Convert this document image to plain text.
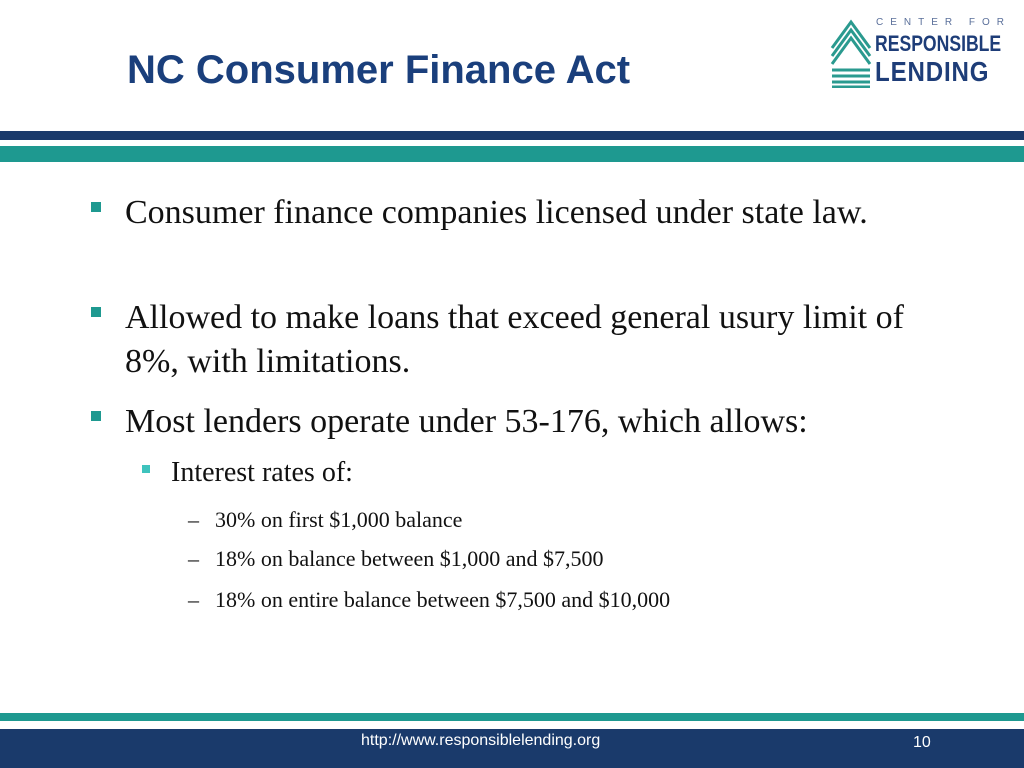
NC Consumer Finance Act
CENTER FOR
RESPONSIBLE
LENDING
Consumer finance companies licensed under state law.
Allowed to make loans that exceed general usury limit of 8%, with limitations.
Most lenders operate under 53-176, which allows:
Interest rates of:
– 30% on first $1,000 balance
– 18% on balance between $1,000 and $7,500
– 18% on entire balance between $7,500 and $10,000
http://www.responsiblelending.org	10
